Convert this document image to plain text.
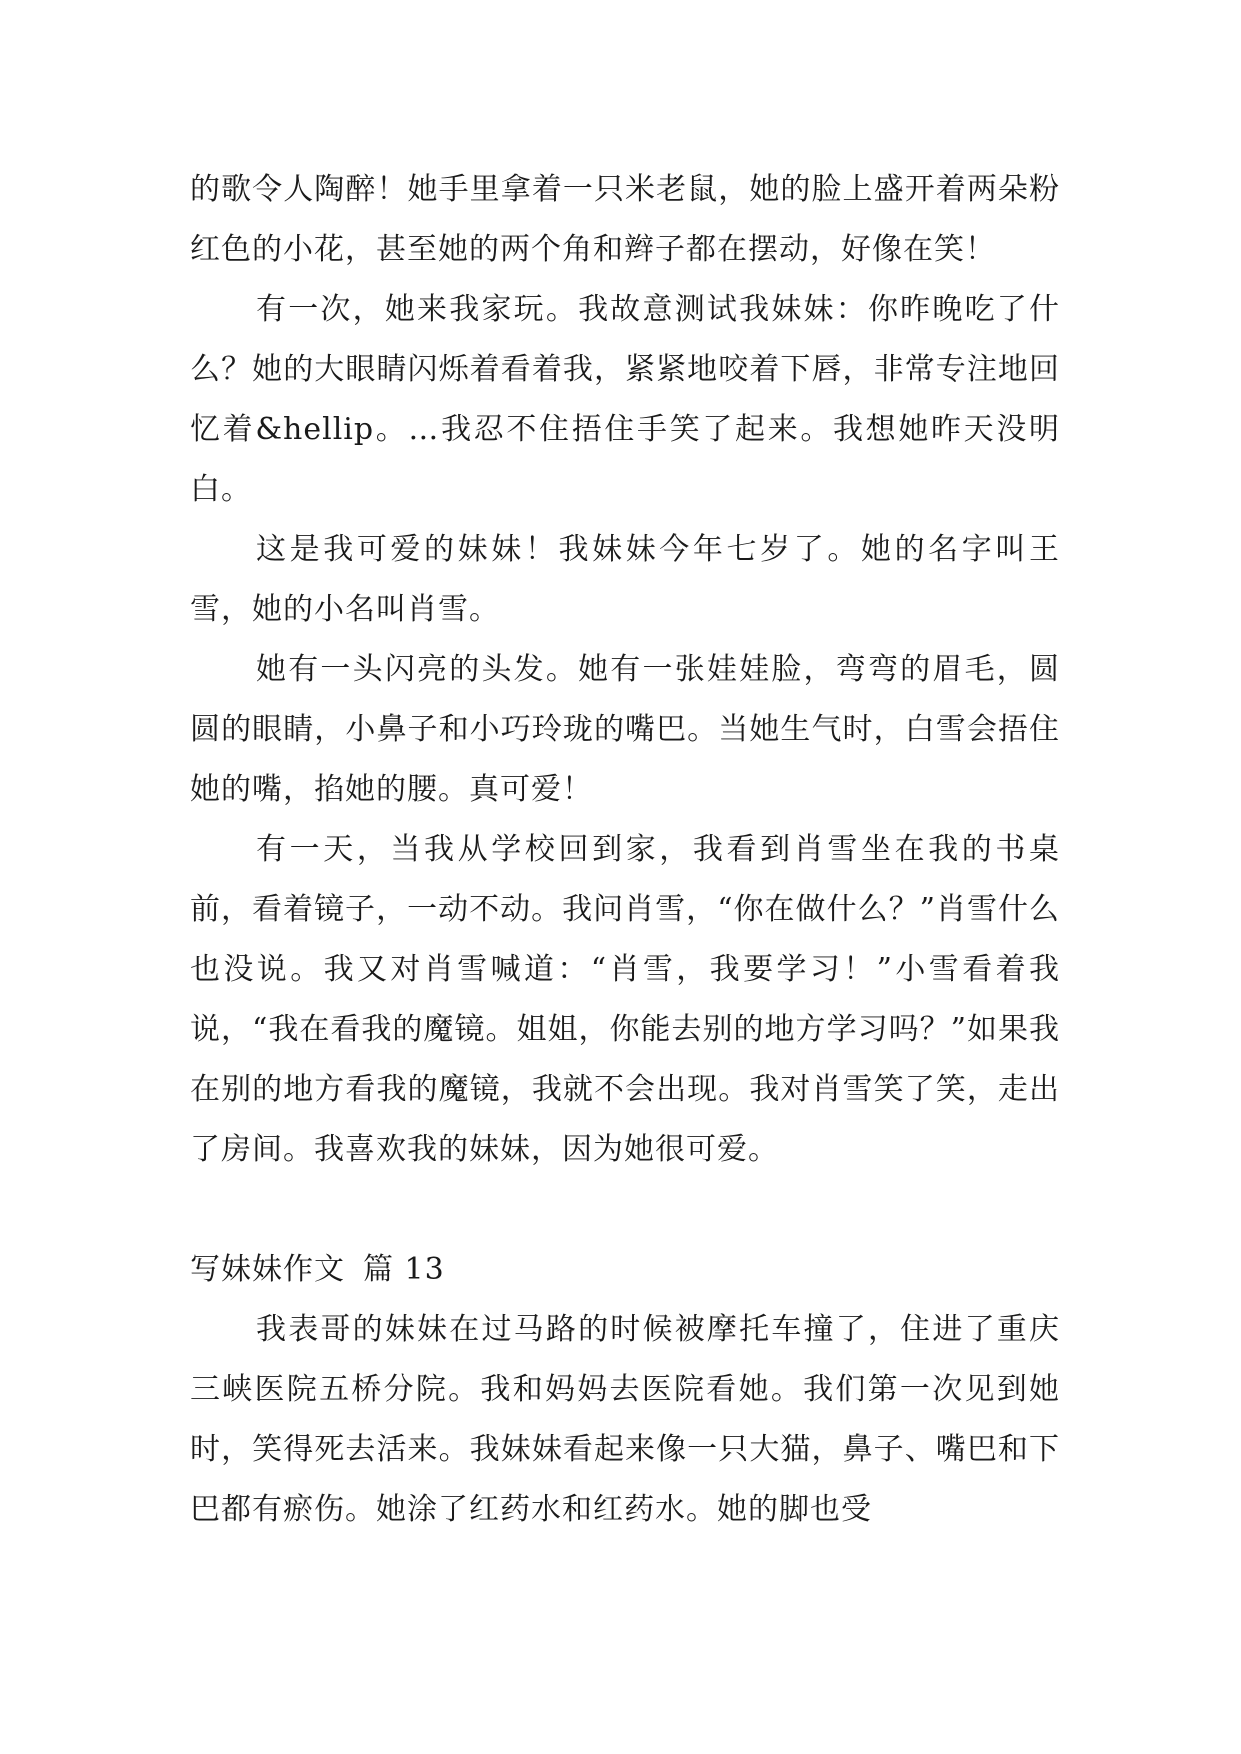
的歌令人陶醉！她手里拿着一只米老鼠，她的脸上盛开着两朵粉红色的小花，甚至她的两个角和辫子都在摆动，好像在笑！

有一次，她来我家玩。我故意测试我妹妹：你昨晚吃了什么？她的大眼睛闪烁着看着我，紧紧地咬着下唇，非常专注地回忆着&hellip。…我忍不住捂住手笑了起来。我想她昨天没明白。

这是我可爱的妹妹！我妹妹今年七岁了。她的名字叫王雪，她的小名叫肖雪。

她有一头闪亮的头发。她有一张娃娃脸，弯弯的眉毛，圆圆的眼睛，小鼻子和小巧玲珑的嘴巴。当她生气时，白雪会捂住她的嘴，掐她的腰。真可爱！

有一天，当我从学校回到家，我看到肖雪坐在我的书桌前，看着镜子，一动不动。我问肖雪，“你在做什么？”肖雪什么也没说。我又对肖雪喊道：“肖雪，我要学习！”小雪看着我说，“我在看我的魔镜。姐姐，你能去别的地方学习吗？”如果我在别的地方看我的魔镜，我就不会出现。我对肖雪笑了笑，走出了房间。我喜欢我的妹妹，因为她很可爱。

写妹妹作文 篇 13

我表哥的妹妹在过马路的时候被摩托车撞了，住进了重庆三峡医院五桥分院。我和妈妈去医院看她。我们第一次见到她时，笑得死去活来。我妹妹看起来像一只大猫，鼻子、嘴巴和下巴都有瘀伤。她涂了红药水和红药水。她的脚也受
